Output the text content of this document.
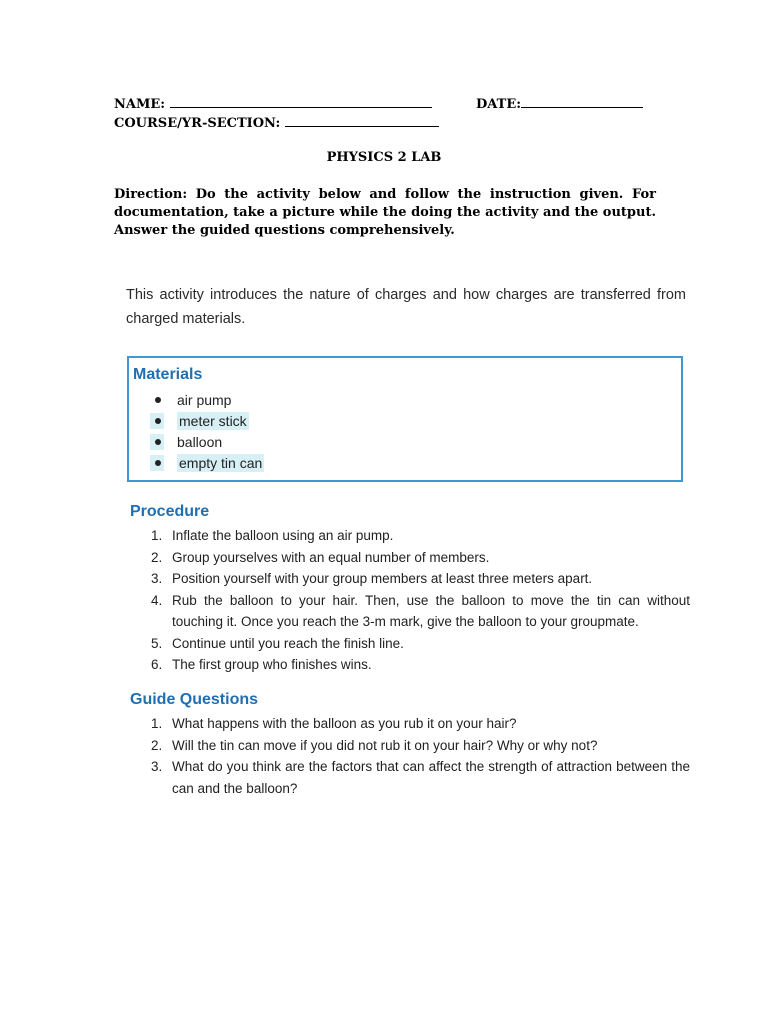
NAME:	DATE:
COURSE/YR-SECTION:
PHYSICS 2 LAB
Direction: Do the activity below and follow the instruction given. For documentation, take a picture while the doing the activity and the output. Answer the guided questions comprehensively.
This activity introduces the nature of charges and how charges are transferred from charged materials.
Materials
air pump
meter stick
balloon
empty tin can
Procedure
1. Inflate the balloon using an air pump.
2. Group yourselves with an equal number of members.
3. Position yourself with your group members at least three meters apart.
4. Rub the balloon to your hair. Then, use the balloon to move the tin can without touching it. Once you reach the 3-m mark, give the balloon to your groupmate.
5. Continue until you reach the finish line.
6. The first group who finishes wins.
Guide Questions
1. What happens with the balloon as you rub it on your hair?
2. Will the tin can move if you did not rub it on your hair? Why or why not?
3. What do you think are the factors that can affect the strength of attraction between the can and the balloon?
